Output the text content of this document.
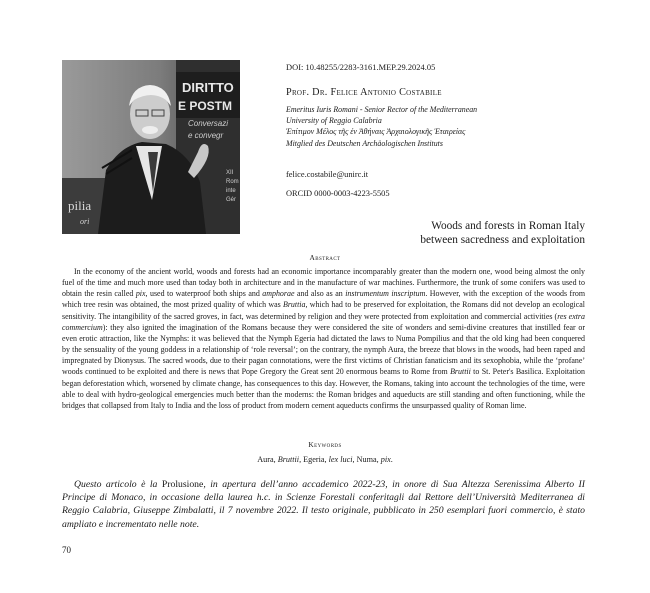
DIRITTO
E POSTM
Conversazi
e convegr
XII
Rom
inte
Gér
pilia
ori
DOI: 10.48255/2283-3161.MEP.29.2024.05
Prof. Dr. Felice Antonio Costabile
Emeritus Iuris Romani - Senior Rector of the Mediterranean
University of Reggio Calabria
Ἐπίτιμον Μέλος τῆς ἐν Ἀθήναις Ἀρχαιολογικῆς Ἑταιρείας
Mitglied des Deutschen Archäologischen Instituts
felice.costabile@unirc.it
ORCID 0000-0003-4223-5505
Woods and forests in Roman Italy
between sacredness and exploitation
Abstract

In the economy of the ancient world, woods and forests had an economic importance incomparably greater than the modern one, wood being almost the only fuel of the time and much more used than today both in architecture and in the manufacture of war machines. Furthermore, the trunk of some conifers was used to obtain the resin called pix, used to waterproof both ships and amphorae and also as an instrumentum inscriptum. However, with the exception of the woods from which tree resin was obtained, the most prized quality of which was Bruttia, which had to be preserved for exploitation, the Romans did not develop an ecological sensitivity. The intangibility of the sacred groves, in fact, was determined by religion and they were protected from exploitation and commercial activities (res extra commercium): they also ignited the imagination of the Romans because they were considered the site of wonders and semi-divine creatures that instilled fear or even erotic attraction, like the Nymphs: it was believed that the Nymph Egeria had dictated the laws to Numa Pompilius and that the old king had been conquered by the sensuality of the young goddess in a relationship of ‘role reversal’; on the contrary, the nymph Aura, the breeze that blows in the woods, had been raped and impregnated by Dionysus. The sacred woods, due to their pagan connotations, were the first victims of Christian fanaticism and its sexophobia, while the ‘profane’ woods continued to be exploited and there is news that Pope Gregory the Great sent 20 enormous beams to Rome from Bruttii to St. Peter's Basilica. Exploitation began deforestation which, worsened by climate change, has consequences to this day. However, the Romans, taking into account the technologies of the time, were able to deal with hydro-geological emergencies much better than the moderns: the Roman bridges and aqueducts are still standing and often functioning, while the bridges that collapsed from Italy to India and the loss of product from modern cement aqueducts confirms the unsurpassed quality of Roman lime.

Keywords
Aura, Bruttii, Egeria, lex luci, Numa, pix.
Questo articolo è la Prolusione, in apertura dell’anno accademico 2022-23, in onore di Sua Altezza Serenissima Alberto II Principe di Monaco, in occasione della laurea h.c. in Scienze Forestali conferitagli dal Rettore dell’Università Mediterranea di Reggio Calabria, Giuseppe Zimbalatti, il 7 novembre 2022. Il testo originale, pubblicato in 250 esemplari fuori commercio, è stato ampliato e incrementato nelle note.
70
